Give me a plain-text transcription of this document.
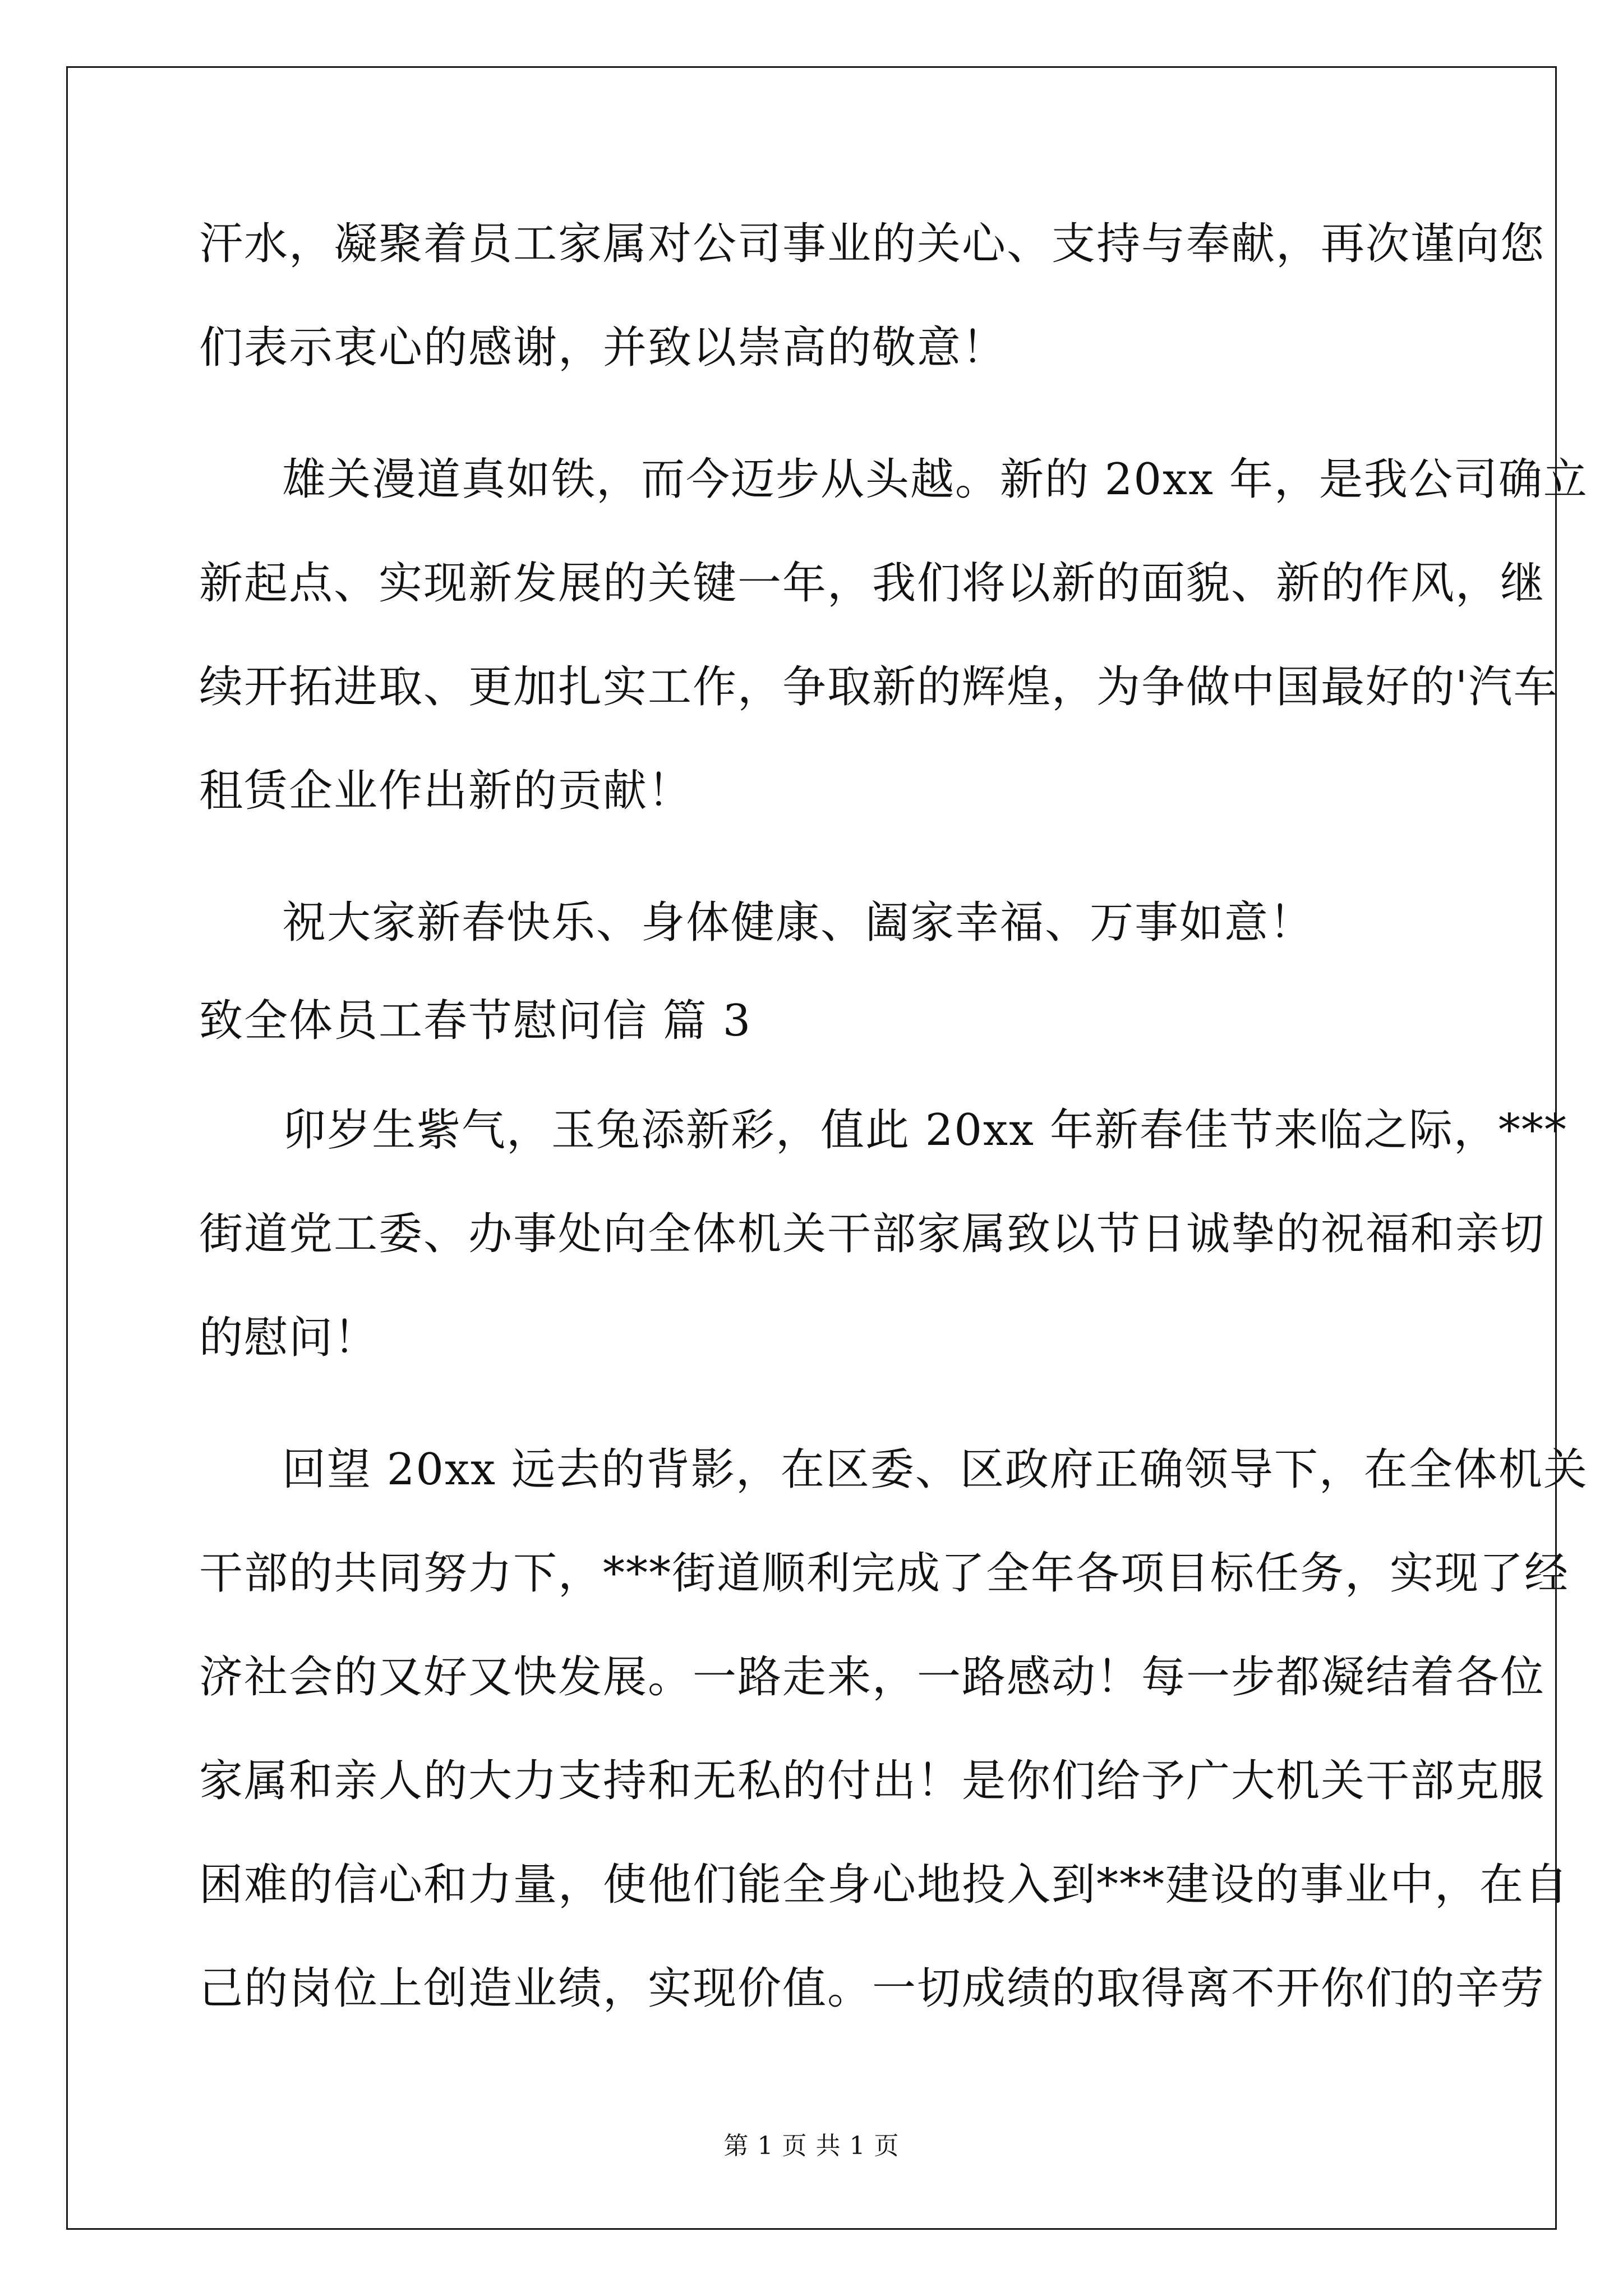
汗水，凝聚着员工家属对公司事业的关心、支持与奉献，再次谨向您
们表示衷心的感谢，并致以崇高的敬意！
雄关漫道真如铁，而今迈步从头越。新的 20xx 年，是我公司确立
新起点、实现新发展的关键一年，我们将以新的面貌、新的作风，继
续开拓进取、更加扎实工作，争取新的辉煌，为争做中国最好的'汽车
租赁企业作出新的贡献！
祝大家新春快乐、身体健康、阖家幸福、万事如意！
致全体员工春节慰问信 篇 3
卯岁生紫气，玉兔添新彩，值此 20xx 年新春佳节来临之际，***
街道党工委、办事处向全体机关干部家属致以节日诚挚的祝福和亲切
的慰问！
回望 20xx 远去的背影，在区委、区政府正确领导下，在全体机关
干部的共同努力下，***街道顺利完成了全年各项目标任务，实现了经
济社会的又好又快发展。一路走来，一路感动！每一步都凝结着各位
家属和亲人的大力支持和无私的付出！是你们给予广大机关干部克服
困难的信心和力量，使他们能全身心地投入到***建设的事业中，在自
己的岗位上创造业绩，实现价值。一切成绩的取得离不开你们的辛劳
第 1 页 共 1 页
